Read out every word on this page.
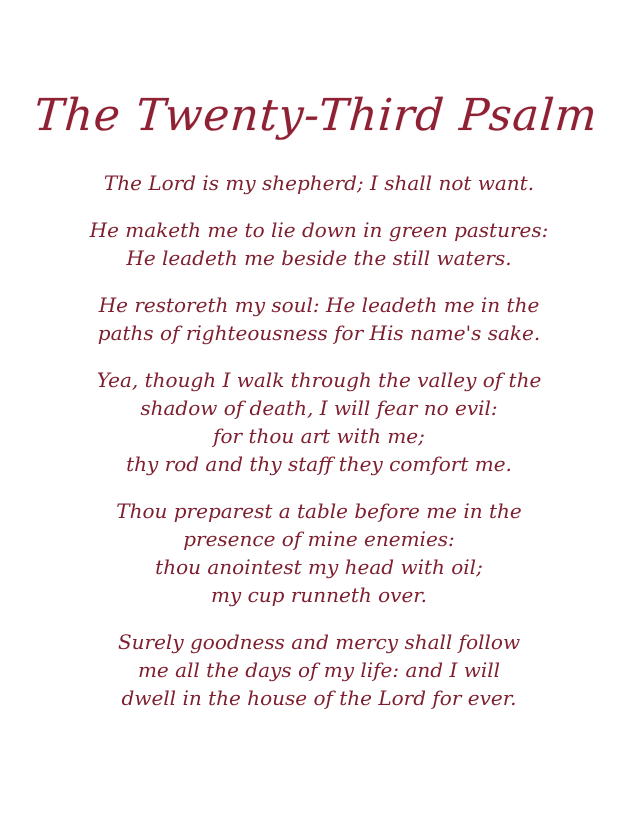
The Twenty-Third Psalm
The Lord is my shepherd; I shall not want.
He maketh me to lie down in green pastures:
He leadeth me beside the still waters.
He restoreth my soul: He leadeth me in the
paths of righteousness for His name's sake.
Yea, though I walk through the valley of the
shadow of death, I will fear no evil:
for thou art with me;
thy rod and thy staff they comfort me.
Thou preparest a table before me in the
presence of mine enemies:
thou anointest my head with oil;
my cup runneth over.
Surely goodness and mercy shall follow
me all the days of my life: and I will
dwell in the house of the Lord for ever.
